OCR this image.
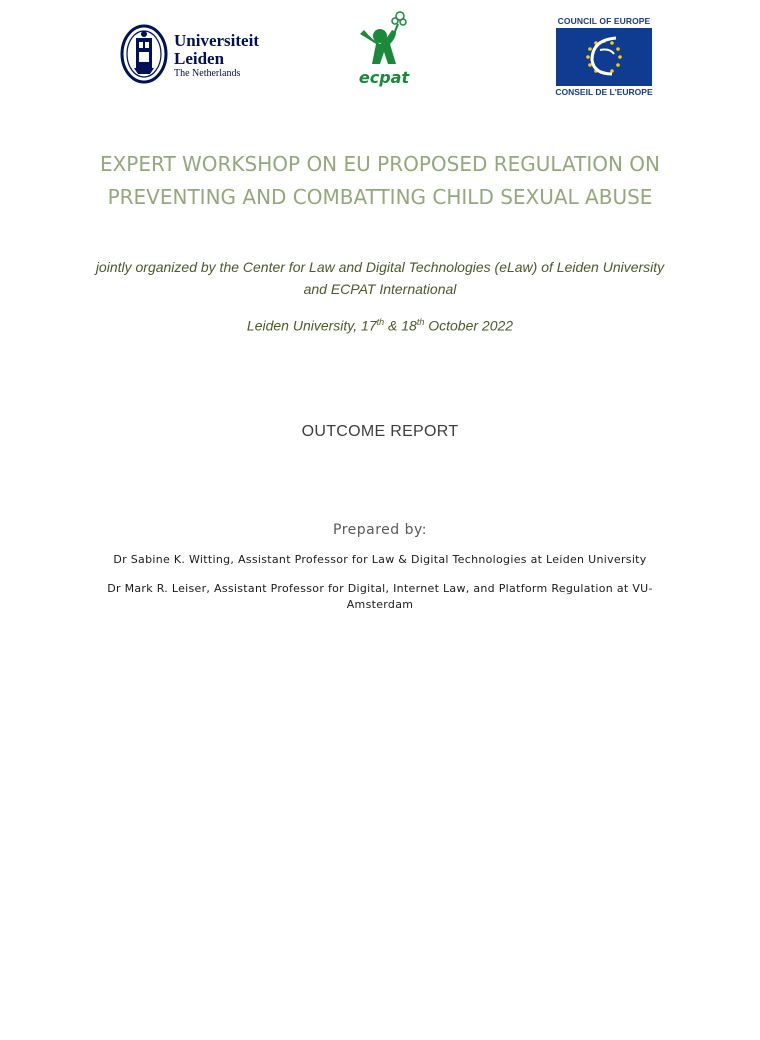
Universiteit
Leiden
The Netherlands	ecpat
COUNCIL OF EUROPE
CONSEIL DE L'EUROPE
EXPERT WORKSHOP ON EU PROPOSED REGULATION ON
PREVENTING AND COMBATTING CHILD SEXUAL ABUSE
jointly organized by the Center for Law and Digital Technologies (eLaw) of Leiden University
and ECPAT International
Leiden University, 17th & 18th October 2022
OUTCOME REPORT
Prepared by:
Dr Sabine K. Witting, Assistant Professor for Law & Digital Technologies at Leiden University
Dr Mark R. Leiser, Assistant Professor for Digital, Internet Law, and Platform Regulation at VU-
Amsterdam
